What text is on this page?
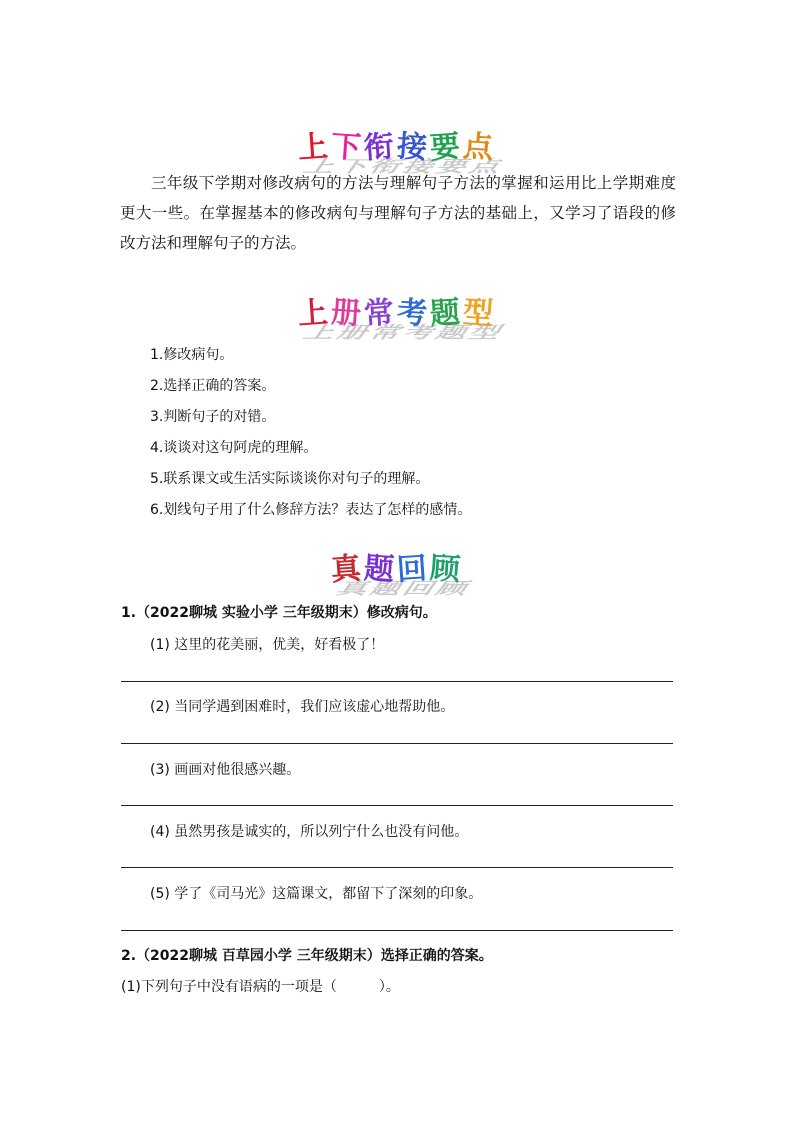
上下衔接要点
上下衔接要点
三年级下学期对修改病句的方法与理解句子方法的掌握和运用比上学期难度更大一些。在掌握基本的修改病句与理解句子方法的基础上，又学习了语段的修改方法和理解句子的方法。
上册常考题型
上册常考题型
1.修改病句。
2.选择正确的答案。
3.判断句子的对错。
4.谈谈对这句阿虎的理解。
5.联系课文或生活实际谈谈你对句子的理解。
6.划线句子用了什么修辞方法？表达了怎样的感情。
真题回顾
真题回顾
1.（2022聊城 实验小学 三年级期末）修改病句。
(1) 这里的花美丽，优美，好看极了！
(2) 当同学遇到困难时，我们应该虚心地帮助他。
(3) 画画对他很感兴趣。
(4) 虽然男孩是诚实的，所以列宁什么也没有问他。
(5) 学了《司马光》这篇课文，都留下了深刻的印象。
2.（2022聊城 百草园小学 三年级期末）选择正确的答案。
(1)下列句子中没有语病的一项是（　　　）。
